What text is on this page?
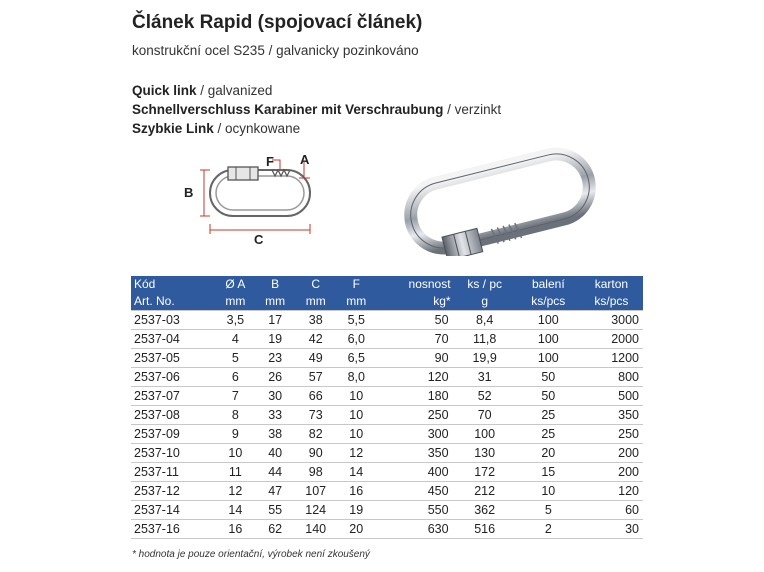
Článek Rapid (spojovací článek)
konstrukční ocel S235 / galvanicky pozinkováno
Quick link / galvanized
Schnellverschluss Karabiner mit Verschraubung / verzinkt
Szybkie Link / ocynkowane
B
C
F A
Kód	Ø A	B	C	F	nosnost	ks / pc	balení	karton
Art. No.	mm	mm	mm	mm	kg*	g	ks/pcs	ks/pcs
2537-03	3,5	17	38	5,5	50	8,4	100	3000
2537-04	4	19	42	6,0	70	11,8	100	2000
2537-05	5	23	49	6,5	90	19,9	100	1200
2537-06	6	26	57	8,0	120	31	50	800
2537-07	7	30	66	10	180	52	50	500
2537-08	8	33	73	10	250	70	25	350
2537-09	9	38	82	10	300	100	25	250
2537-10	10	40	90	12	350	130	20	200
2537-11	11	44	98	14	400	172	15	200
2537-12	12	47	107	16	450	212	10	120
2537-14	14	55	124	19	550	362	5	60
2537-16	16	62	140	20	630	516	2	30
* hodnota je pouze orientační, výrobek není zkoušený
